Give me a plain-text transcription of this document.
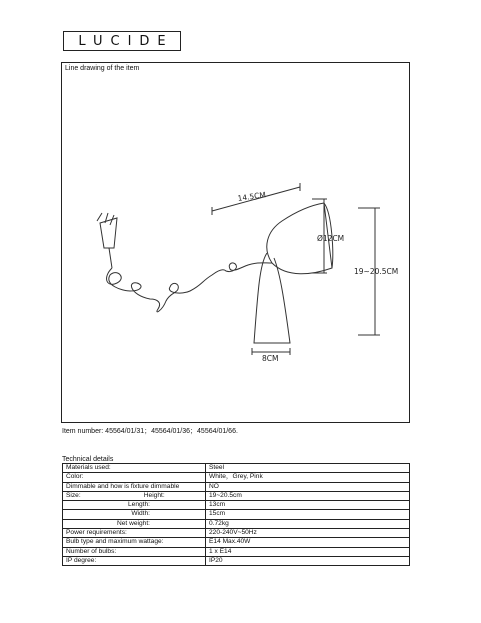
LUCIDE
Line drawing of the item
14.5CM
Ø12CM
19~20.5CM
8CM
Item number: 45564/01/31；45564/01/36；45564/01/66.
Technical details
Materials used:	Steel
Color:	White，Grey, Pink
Dimmable and how is fixture dimmable	NO
Size: Height:	19~20.5cm
Length:	13cm
Width:	15cm
Net weight:	0.72kg
Power requirements:	220-240V~50Hz
Bulb type and maximum wattage:	E14 Max.40W
Number of bulbs:	1 x E14
IP degree:	IP20
